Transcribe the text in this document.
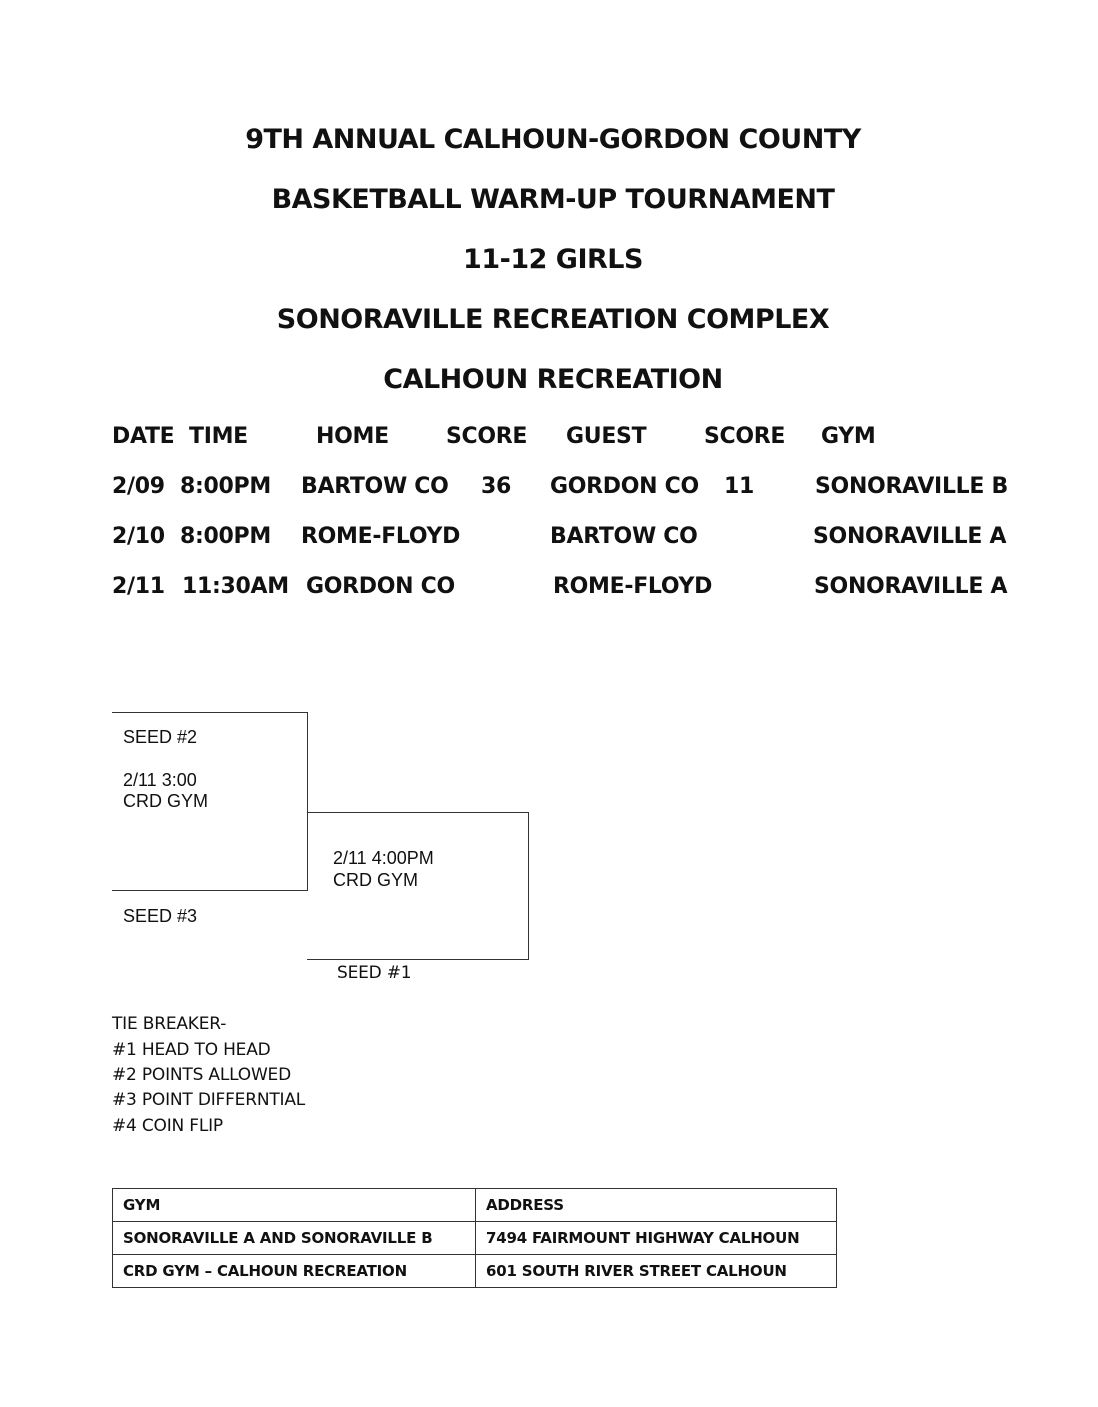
9TH ANNUAL CALHOUN-GORDON COUNTY
BASKETBALL WARM-UP TOURNAMENT
11-12 GIRLS
SONORAVILLE RECREATION COMPLEX
CALHOUN RECREATION
DATE TIME	HOME	SCORE GUEST	SCORE GYM
2/09 8:00PM BARTOW CO 36 GORDON CO 11	SONORAVILLE B
2/10 8:00PM ROME-FLOYD	BARTOW CO	SONORAVILLE A
2/11 11:30AM GORDON CO	ROME-FLOYD	SONORAVILLE A
SEED #2
2/11 3:00
CRD GYM
SEED #3
2/11 4:00PM
CRD GYM
SEED #1
TIE BREAKER-
#1 HEAD TO HEAD
#2 POINTS ALLOWED
#3 POINT DIFFERNTIAL
#4 COIN FLIP
GYM	ADDRESS
SONORAVILLE A AND SONORAVILLE B	7494 FAIRMOUNT HIGHWAY CALHOUN
CRD GYM – CALHOUN RECREATION	601 SOUTH RIVER STREET CALHOUN
